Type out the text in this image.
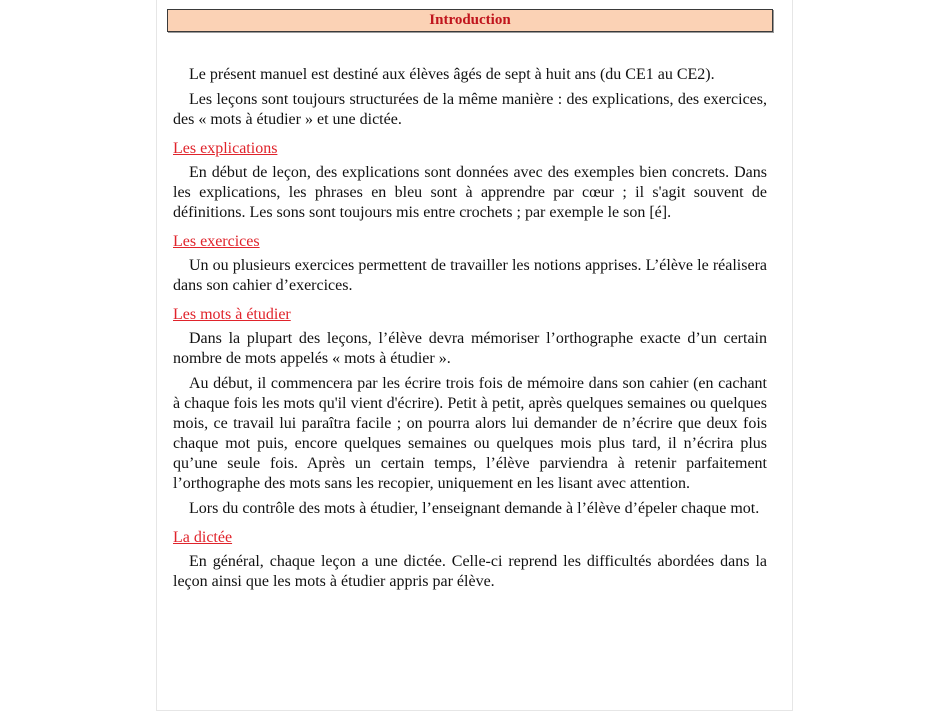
Introduction

Le présent manuel est destiné aux élèves âgés de sept à huit ans (du CE1 au CE2).

Les leçons sont toujours structurées de la même manière : des explications, des exercices, des « mots à étudier » et une dictée.

Les explications

En début de leçon, des explications sont données avec des exemples bien concrets. Dans les explications, les phrases en bleu sont à apprendre par cœur ; il s'agit souvent de définitions. Les sons sont toujours mis entre crochets ; par exemple le son [é].

Les exercices

Un ou plusieurs exercices permettent de travailler les notions apprises. L’élève le réalisera dans son cahier d’exercices.

Les mots à étudier

Dans la plupart des leçons, l’élève devra mémoriser l’orthographe exacte d’un certain nombre de mots appelés « mots à étudier ».

Au début, il commencera par les écrire trois fois de mémoire dans son cahier (en cachant à chaque fois les mots qu'il vient d'écrire). Petit à petit, après quelques semaines ou quelques mois, ce travail lui paraîtra facile ; on pourra alors lui demander de n’écrire que deux fois chaque mot puis, encore quelques semaines ou quelques mois plus tard, il n’écrira plus qu’une seule fois. Après un certain temps, l’élève parviendra à retenir parfaitement l’orthographe des mots sans les recopier, uniquement en les lisant avec attention.

Lors du contrôle des mots à étudier, l’enseignant demande à l’élève d’épeler chaque mot.

La dictée

En général, chaque leçon a une dictée. Celle-ci reprend les difficultés abordées dans la leçon ainsi que les mots à étudier appris par élève.
